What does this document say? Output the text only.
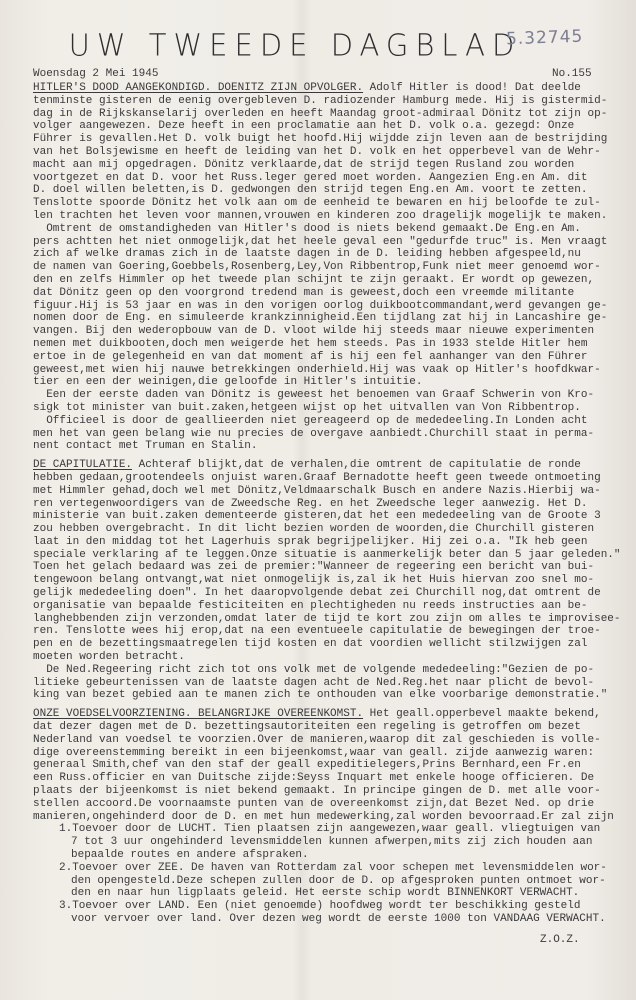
UW TWEEDE DAGBLAD
5.32745
Woensdag 2 Mei 1945	No.155
HITLER'S DOOD AANGEKONDIGD. DOENITZ ZIJN OPVOLGER. Adolf Hitler is dood! Dat deelde
tenminste gisteren de eenig overgebleven D. radiozender Hamburg mede. Hij is gistermid-
dag in de Rijkskanselarij overleden en heeft Maandag groot-admiraal Dönitz tot zijn op-
volger aangewezen. Deze heeft in een proclamatie aan het D. volk o.a. gezegd: Onze
Führer is gevallen.Het D. volk buigt het hoofd.Hij wijdde zijn leven aan de bestrijding
van het Bolsjewisme en heeft de leiding van het D. volk en het opperbevel van de Wehr-
macht aan mij opgedragen. Dönitz verklaarde,dat de strijd tegen Rusland zou worden
voortgezet en dat D. voor het Russ.leger gered moet worden. Aangezien Eng.en Am. dit
D. doel willen beletten,is D. gedwongen den strijd tegen Eng.en Am. voort te zetten.
Tenslotte spoorde Dönitz het volk aan om de eenheid te bewaren en hij beloofde te zul-
len trachten het leven voor mannen,vrouwen en kinderen zoo dragelijk mogelijk te maken.
Omtrent de omstandigheden van Hitler's dood is niets bekend gemaakt.De Eng.en Am.
pers achtten het niet onmogelijk,dat het heele geval een "gedurfde truc" is. Men vraagt
zich af welke dramas zich in de laatste dagen in de D. leiding hebben afgespeeld,nu
de namen van Goering,Goebbels,Rosenberg,Ley,Von Ribbentrop,Funk niet meer genoemd wor-
den en zelfs Himmler op het tweede plan schijnt te zijn geraakt. Er wordt op gewezen,
dat Dönitz geen op den voorgrond tredend man is geweest,doch een vreemde militante
figuur.Hij is 53 jaar en was in den vorigen oorlog duikbootcommandant,werd gevangen ge-
nomen door de Eng. en simuleerde krankzinnigheid.Een tijdlang zat hij in Lancashire ge-
vangen. Bij den wederopbouw van de D. vloot wilde hij steeds maar nieuwe experimenten
nemen met duikbooten,doch men weigerde het hem steeds. Pas in 1933 stelde Hitler hem
ertoe in de gelegenheid en van dat moment af is hij een fel aanhanger van den Führer
geweest,met wien hij nauwe betrekkingen onderhield.Hij was vaak op Hitler's hoofdkwar-
tier en een der weinigen,die geloofde in Hitler's intuitie.
Een der eerste daden van Dönitz is geweest het benoemen van Graaf Schwerin von Kro-
sigk tot minister van buit.zaken,hetgeen wijst op het uitvallen van Von Ribbentrop.
Officieel is door de geallieerden niet gereageerd op de mededeeling.In Londen acht
men het van geen belang wie nu precies de overgave aanbiedt.Churchill staat in perma-
nent contact met Truman en Stalin.
DE CAPITULATIE. Achteraf blijkt,dat de verhalen,die omtrent de capitulatie de ronde
hebben gedaan,grootendeels onjuist waren.Graaf Bernadotte heeft geen tweede ontmoeting
met Himmler gehad,doch wel met Dönitz,Veldmaarschalk Busch en andere Nazis.Hierbij wa-
ren vertegenwoordigers van de Zweedsche Reg. en het Zweedsche leger aanwezig. Het D.
ministerie van buit.zaken dementeerde gisteren,dat het een mededeeling van de Groote 3
zou hebben overgebracht. In dit licht bezien worden de woorden,die Churchill gisteren
laat in den middag tot het Lagerhuis sprak begrijpelijker. Hij zei o.a. "Ik heb geen
speciale verklaring af te leggen.Onze situatie is aanmerkelijk beter dan 5 jaar geleden."
Toen het gelach bedaard was zei de premier:"Wanneer de regeering een bericht van bui-
tengewoon belang ontvangt,wat niet onmogelijk is,zal ik het Huis hiervan zoo snel mo-
gelijk mededeeling doen". In het daaropvolgende debat zei Churchill nog,dat omtrent de
organisatie van bepaalde festiciteiten en plechtigheden nu reeds instructies aan be-
langhebbenden zijn verzonden,omdat later de tijd te kort zou zijn om alles te improvisee-
ren. Tenslotte wees hij erop,dat na een eventueele capitulatie de bewegingen der troe-
pen en de bezettingsmaatregelen tijd kosten en dat voordien wellicht stilzwijgen zal
moeten worden betracht.
De Ned.Regeering richt zich tot ons volk met de volgende mededeeling:"Gezien de po-
litieke gebeurtenissen van de laatste dagen acht de Ned.Reg.het naar plicht de bevol-
king van bezet gebied aan te manen zich te onthouden van elke voorbarige demonstratie."
ONZE VOEDSELVOORZIENING. BELANGRIJKE OVEREENKOMST. Het geall.opperbevel maakte bekend,
dat dezer dagen met de D. bezettingsautoriteiten een regeling is getroffen om bezet
Nederland van voedsel te voorzien.Over de manieren,waarop dit zal geschieden is volle-
dige overeenstemming bereikt in een bijeenkomst,waar van geall. zijde aanwezig waren:
generaal Smith,chef van den staf der geall expeditielegers,Prins Bernhard,een Fr.en
een Russ.officier en van Duitsche zijde:Seyss Inquart met enkele hooge officieren. De
plaats der bijeenkomst is niet bekend gemaakt. In principe gingen de D. met alle voor-
stellen accoord.De voornaamste punten van de overeenkomst zijn,dat Bezet Ned. op drie
manieren,ongehinderd door de D. en met hun medewerking,zal worden bevoorraad.Er zal zijn
1.Toevoer door de LUCHT. Tien plaatsen zijn aangewezen,waar geall. vliegtuigen van
7 tot 3 uur ongehinderd levensmiddelen kunnen afwerpen,mits zij zich houden aan
bepaalde routes en andere afspraken.
2.Toevoer over ZEE. De haven van Rotterdam zal voor schepen met levensmiddelen wor-
den opengesteld.Deze schepen zullen door de D. op afgesproken punten ontmoet wor-
den en naar hun ligplaats geleid. Het eerste schip wordt BINNENKORT VERWACHT.
3.Toevoer over LAND. Een (niet genoemde) hoofdweg wordt ter beschikking gesteld
voor vervoer over land. Over dezen weg wordt de eerste 1000 ton VANDAAG VERWACHT.
Z.O.Z.
